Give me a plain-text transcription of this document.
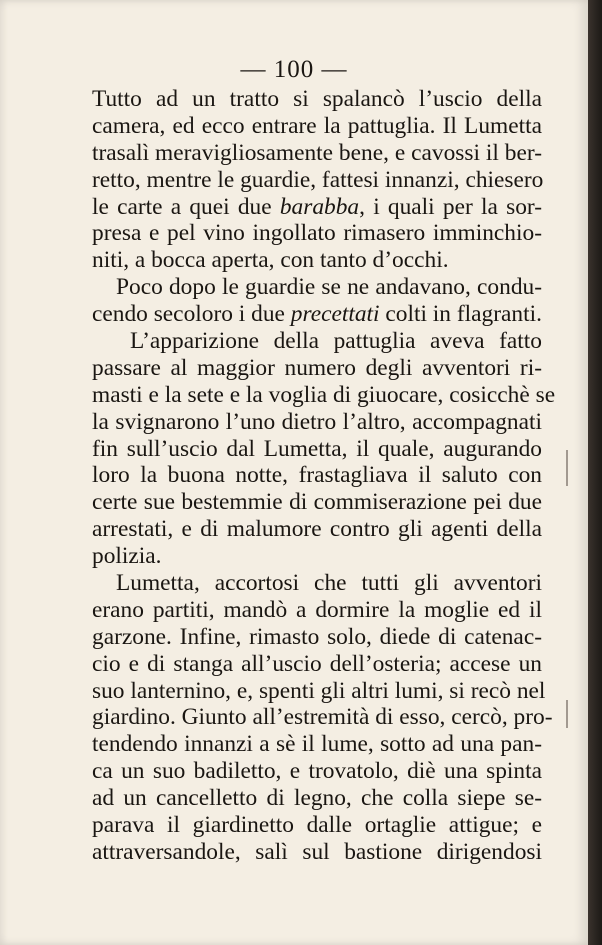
— 100 —
Tutto ad un tratto si spalancò l’uscio della
camera, ed ecco entrare la pattuglia. Il Lumetta
trasalì meravigliosamente bene, e cavossi il ber-
retto, mentre le guardie, fattesi innanzi, chiesero
le carte a quei due barabba, i quali per la sor-
presa e pel vino ingollato rimasero imminchio-
niti, a bocca aperta, con tanto d’occhi.
Poco dopo le guardie se ne andavano, condu-
cendo secoloro i due precettati colti in flagranti.
L’apparizione della pattuglia aveva fatto
passare al maggior numero degli avventori ri-
masti e la sete e la voglia di giuocare, cosicchè se
la svignarono l’uno dietro l’altro, accompagnati
fin sull’uscio dal Lumetta, il quale, augurando
loro la buona notte, frastagliava il saluto con
certe sue bestemmie di commiserazione pei due
arrestati, e di malumore contro gli agenti della
polizia.
Lumetta, accortosi che tutti gli avventori
erano partiti, mandò a dormire la moglie ed il
garzone. Infine, rimasto solo, diede di catenac-
cio e di stanga all’uscio dell’osteria; accese un
suo lanternino, e, spenti gli altri lumi, si recò nel
giardino. Giunto all’estremità di esso, cercò, pro-
tendendo innanzi a sè il lume, sotto ad una pan-
ca un suo badiletto, e trovatolo, diè una spinta
ad un cancelletto di legno, che colla siepe se-
parava il giardinetto dalle ortaglie attigue; e
attraversandole, salì sul bastione dirigendosi
